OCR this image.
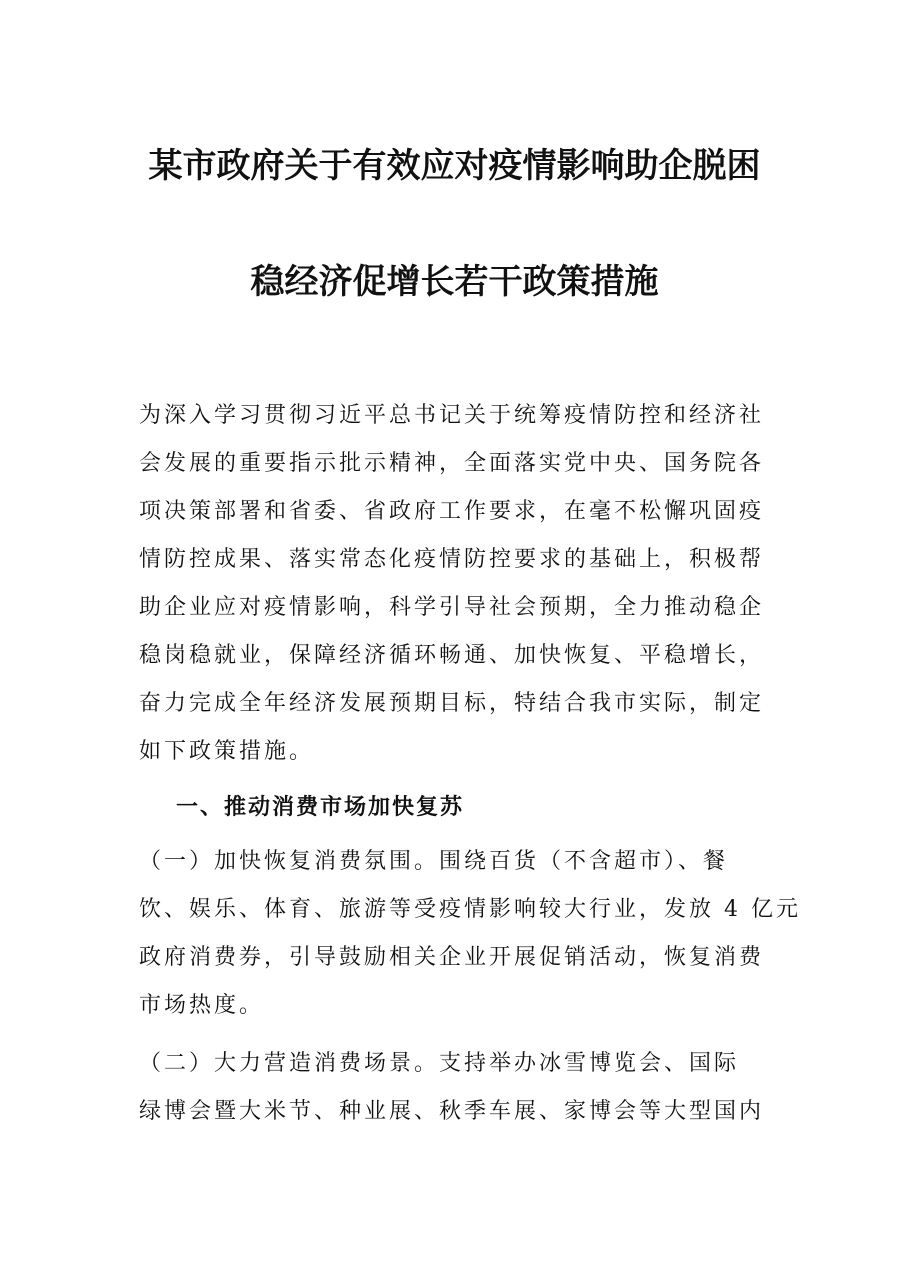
某市政府关于有效应对疫情影响助企脱困
稳经济促增长若干政策措施
为深入学习贯彻习近平总书记关于统筹疫情防控和经济社
会发展的重要指示批示精神，全面落实党中央、国务院各
项决策部署和省委、省政府工作要求，在毫不松懈巩固疫
情防控成果、落实常态化疫情防控要求的基础上，积极帮
助企业应对疫情影响，科学引导社会预期，全力推动稳企
稳岗稳就业，保障经济循环畅通、加快恢复、平稳增长，
奋力完成全年经济发展预期目标，特结合我市实际，制定
如下政策措施。
一、推动消费市场加快复苏
（一）加快恢复消费氛围。围绕百货（不含超市）、餐
饮、娱乐、体育、旅游等受疫情影响较大行业，发放 4 亿元
政府消费券，引导鼓励相关企业开展促销活动，恢复消费
市场热度。
（二）大力营造消费场景。支持举办冰雪博览会、国际
绿博会暨大米节、种业展、秋季车展、家博会等大型国内
